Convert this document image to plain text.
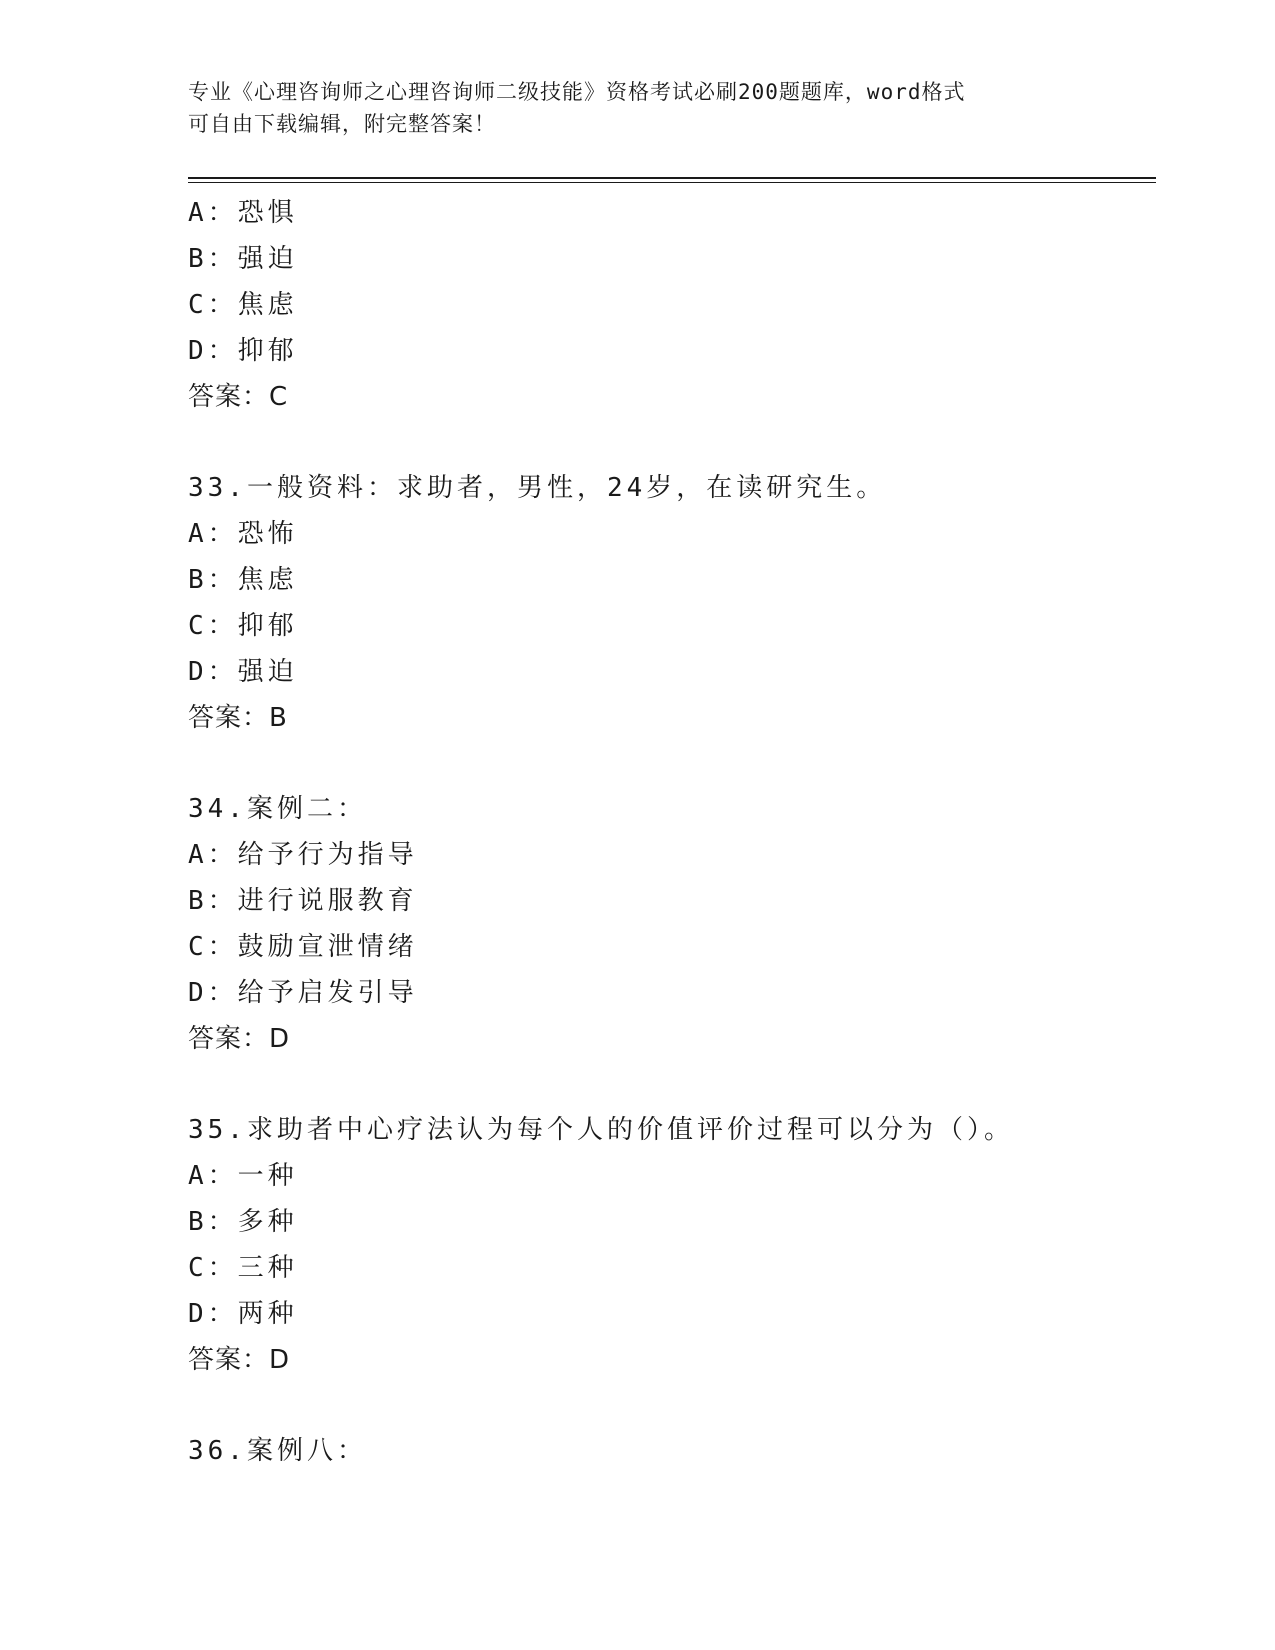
专业《心理咨询师之心理咨询师二级技能》资格考试必刷200题题库，word格式
可自由下载编辑，附完整答案！
A：恐惧
B：强迫
C：焦虑
D：抑郁
答案：C
33.一般资料：求助者，男性，24岁，在读研究生。
A：恐怖
B：焦虑
C：抑郁
D：强迫
答案：B
34.案例二：
A：给予行为指导
B：进行说服教育
C：鼓励宣泄情绪
D：给予启发引导
答案：D
35.求助者中心疗法认为每个人的价值评价过程可以分为（）。
A：一种
B：多种
C：三种
D：两种
答案：D
36.案例八：
